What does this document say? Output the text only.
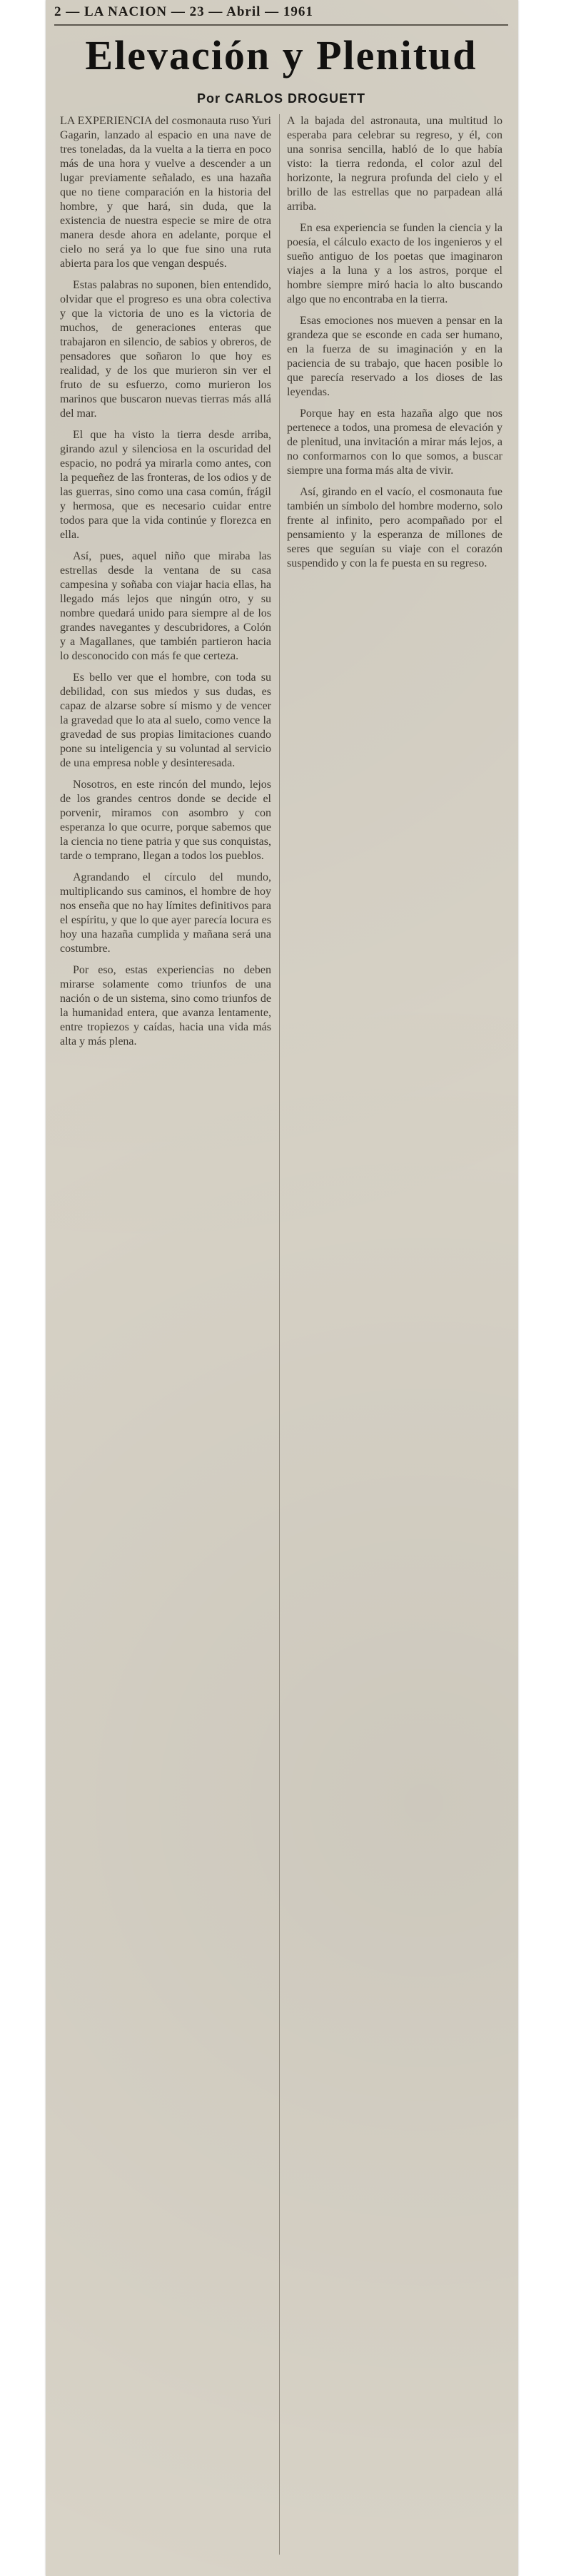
2 — LA NACION — 23 — Abril — 1961
Elevación y Plenitud
Por CARLOS DROGUETT

LA EXPERIENCIA del cosmonauta ruso Yuri Gagarin, lanzado al espacio en una nave de tres toneladas, da la vuelta a la tierra en poco más de una hora y vuelve a descender a un lugar previamente señalado, es una hazaña que no tiene comparación en la historia del hombre, y que hará, sin duda, que la existencia de nuestra especie se mire de otra manera desde ahora en adelante, porque el cielo no será ya lo que fue sino una ruta abierta para los que vengan después.

Estas palabras no suponen, bien entendido, olvidar que el progreso es una obra colectiva y que la victoria de uno es la victoria de muchos, de generaciones enteras que trabajaron en silencio, de sabios y obreros, de pensadores que soñaron lo que hoy es realidad, y de los que murieron sin ver el fruto de su esfuerzo, como murieron los marinos que buscaron nuevas tierras más allá del mar.

El que ha visto la tierra desde arriba, girando azul y silenciosa en la oscuridad del espacio, no podrá ya mirarla como antes, con la pequeñez de las fronteras, de los odios y de las guerras, sino como una casa común, frágil y hermosa, que es necesario cuidar entre todos para que la vida continúe y florezca en ella.

Así, pues, aquel niño que miraba las estrellas desde la ventana de su casa campesina y soñaba con viajar hacia ellas, ha llegado más lejos que ningún otro, y su nombre quedará unido para siempre al de los grandes navegantes y descubridores, a Colón y a Magallanes, que también partieron hacia lo desconocido con más fe que certeza.

Es bello ver que el hombre, con toda su debilidad, con sus miedos y sus dudas, es capaz de alzarse sobre sí mismo y de vencer la gravedad que lo ata al suelo, como vence la gravedad de sus propias limitaciones cuando pone su inteligencia y su voluntad al servicio de una empresa noble y desinteresada.

Nosotros, en este rincón del mundo, lejos de los grandes centros donde se decide el porvenir, miramos con asombro y con esperanza lo que ocurre, porque sabemos que la ciencia no tiene patria y que sus conquistas, tarde o temprano, llegan a todos los pueblos.

Agrandando el círculo del mundo, multiplicando sus caminos, el hombre de hoy nos enseña que no hay límites definitivos para el espíritu, y que lo que ayer parecía locura es hoy una hazaña cumplida y mañana será una costumbre.

Por eso, estas experiencias no deben mirarse solamente como triunfos de una nación o de un sistema, sino como triunfos de la humanidad entera, que avanza lentamente, entre tropiezos y caídas, hacia una vida más alta y más plena.

A la bajada del astronauta, una multitud lo esperaba para celebrar su regreso, y él, con una sonrisa sencilla, habló de lo que había visto: la tierra redonda, el color azul del horizonte, la negrura profunda del cielo y el brillo de las estrellas que no parpadean allá arriba.

En esa experiencia se funden la ciencia y la poesía, el cálculo exacto de los ingenieros y el sueño antiguo de los poetas que imaginaron viajes a la luna y a los astros, porque el hombre siempre miró hacia lo alto buscando algo que no encontraba en la tierra.

Esas emociones nos mueven a pensar en la grandeza que se esconde en cada ser humano, en la fuerza de su imaginación y en la paciencia de su trabajo, que hacen posible lo que parecía reservado a los dioses de las leyendas.

Porque hay en esta hazaña algo que nos pertenece a todos, una promesa de elevación y de plenitud, una invitación a mirar más lejos, a no conformarnos con lo que somos, a buscar siempre una forma más alta de vivir.

Así, girando en el vacío, el cosmonauta fue también un símbolo del hombre moderno, solo frente al infinito, pero acompañado por el pensamiento y la esperanza de millones de seres que seguían su viaje con el corazón suspendido y con la fe puesta en su regreso.
